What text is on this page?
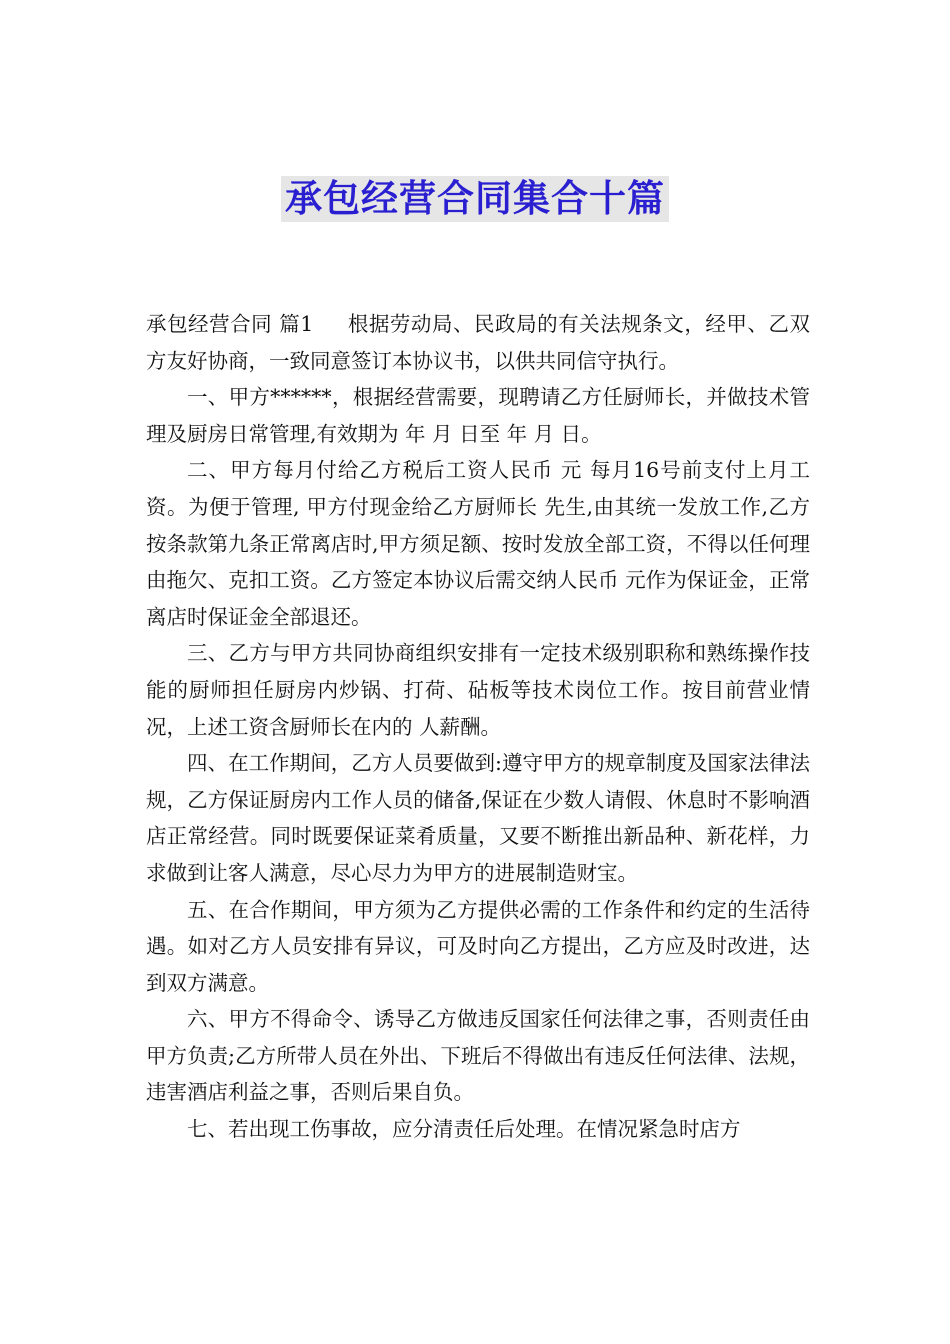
承包经营合同集合十篇

承包经营合同 篇1 根据劳动局、民政局的有关法规条文，经甲、乙双方友好协商，一致同意签订本协议书，以供共同信守执行。

一、甲方******，根据经营需要，现聘请乙方任厨师长，并做技术管理及厨房日常管理,有效期为 年 月 日至 年 月 日。

二、甲方每月付给乙方税后工资人民币 元 每月16号前支付上月工资。为便于管理, 甲方付现金给乙方厨师长 先生,由其统一发放工作,乙方按条款第九条正常离店时,甲方须足额、按时发放全部工资，不得以任何理由拖欠、克扣工资。乙方签定本协议后需交纳人民币 元作为保证金，正常离店时保证金全部退还。

三、乙方与甲方共同协商组织安排有一定技术级别职称和熟练操作技能的厨师担任厨房内炒锅、打荷、砧板等技术岗位工作。按目前营业情况，上述工资含厨师长在内的 人薪酬。

四、在工作期间，乙方人员要做到:遵守甲方的规章制度及国家法律法规，乙方保证厨房内工作人员的储备,保证在少数人请假、休息时不影响酒店正常经营。同时既要保证菜肴质量，又要不断推出新品种、新花样，力求做到让客人满意，尽心尽力为甲方的进展制造财宝。

五、在合作期间，甲方须为乙方提供必需的工作条件和约定的生活待遇。如对乙方人员安排有异议，可及时向乙方提出，乙方应及时改进，达到双方满意。

六、甲方不得命令、诱导乙方做违反国家任何法律之事，否则责任由甲方负责;乙方所带人员在外出、下班后不得做出有违反任何法律、法规，违害酒店利益之事，否则后果自负。

七、若出现工伤事故，应分清责任后处理。在情况紧急时店方
